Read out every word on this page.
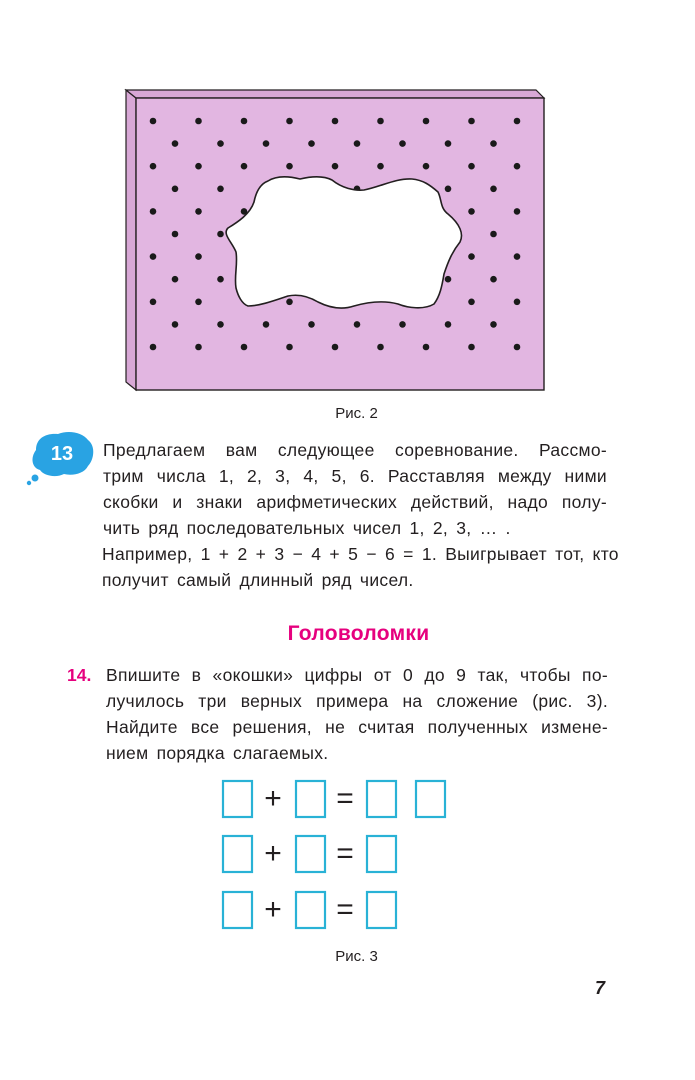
Рис. 2
13 Предлагаем вам следующее соревнование. Рассмо-
трим числа 1, 2, 3, 4, 5, 6. Расставляя между ними
скобки и знаки арифметических действий, надо полу-
чить ряд последовательных чисел 1, 2, 3, … .
Например, 1 + 2 + 3 − 4 + 5 − 6 = 1. Выигрывает тот, кто
получит самый длинный ряд чисел.
Головоломки
14. Впишите в «окошки» цифры от 0 до 9 так, чтобы по-
лучилось три верных примера на сложение (рис. 3).
Найдите все решения, не считая полученных измене-
нием порядка слагаемых.
+ =
+ =
+ =
Рис. 3
7
